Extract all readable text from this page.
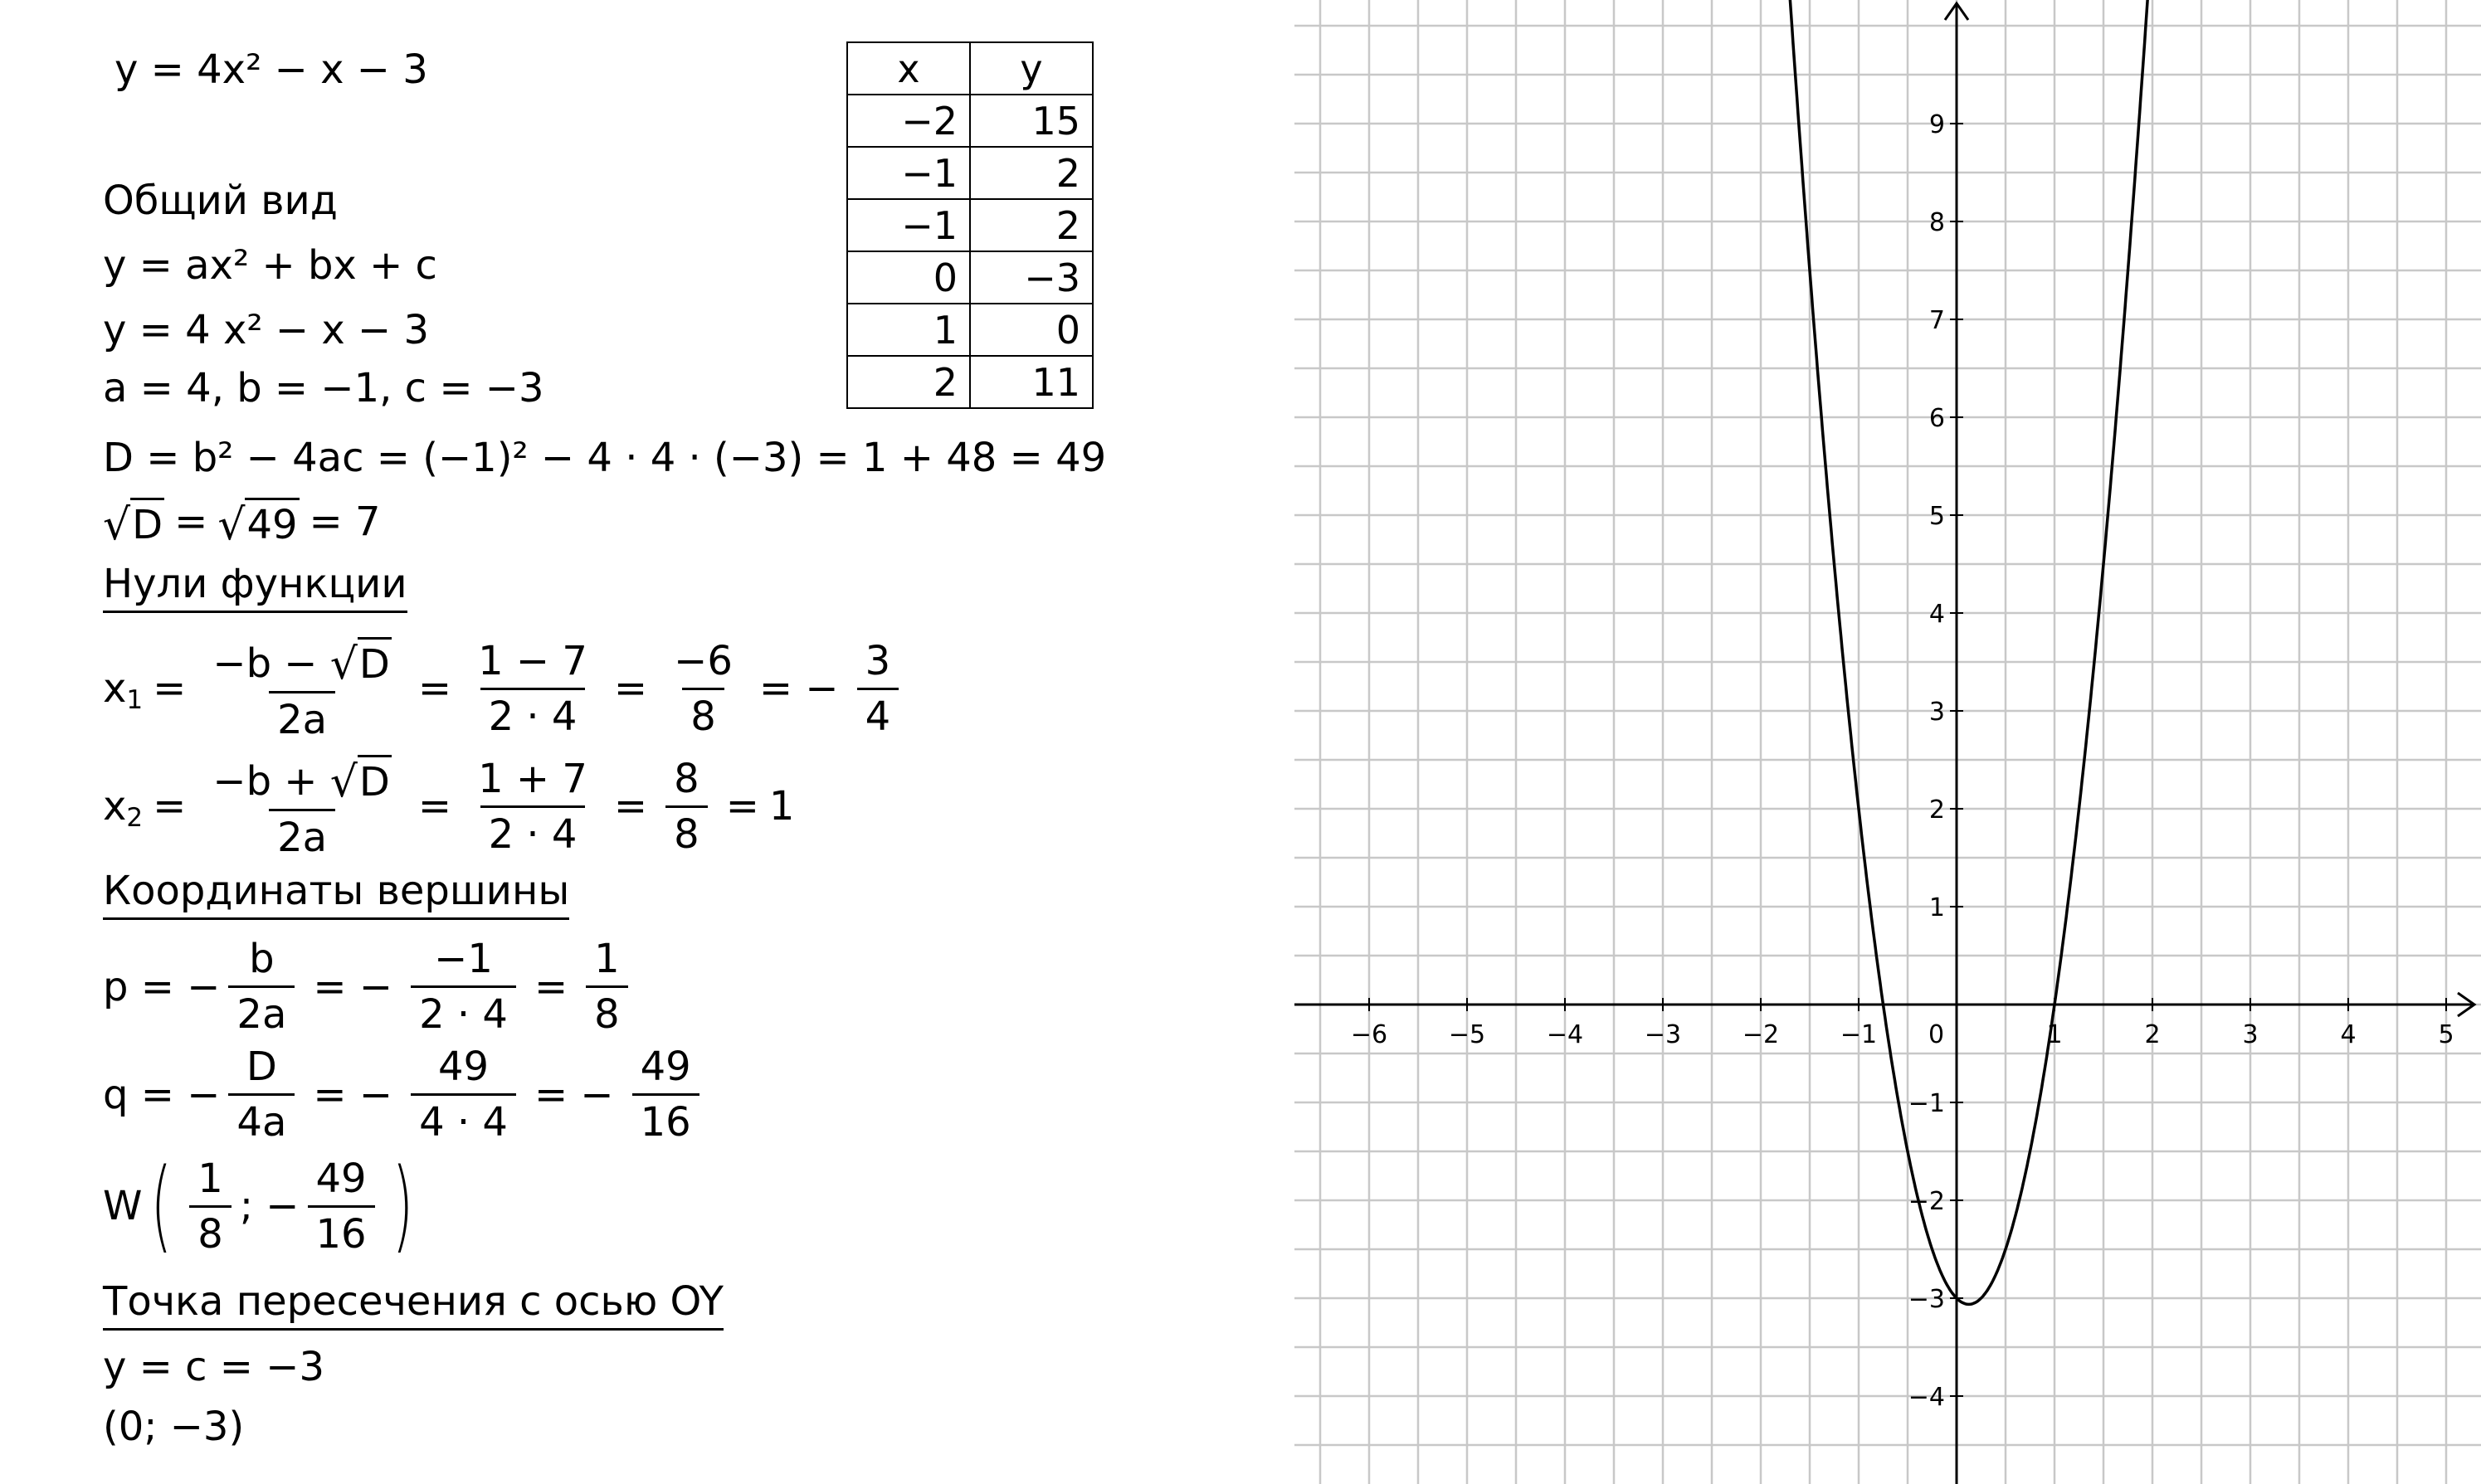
y = 4x² − x − 3
Общий вид
y = ax² + bx + c
y = 4 x² − x − 3
a = 4, b = −1, c = −3
D = b² − 4ac = (−1)² − 4 · 4 · (−3) = 1 + 48 = 49
√ D = √ 49 = 7
Нули функции
x $1 = \frac{-b - √ D}{2a} = \frac{1 - 7}{2 \cdot 4} = \frac{-6}{8}$ = − $\frac{3}{4}$
x $2 = \frac{-b + √ D}{2a} = \frac{1 + 7}{2 \cdot 4} = \frac{8}{8} = 1$
Координаты вершины
p = − $\frac{b}{2a}$ = − $\frac{-1}{2 \cdot 4} = \frac{1}{8}$
q = − $\frac{D}{4a}$ = − $\frac{49}{4 \cdot 4}$ = − $\frac{49}{16}$
W ( $\frac{1}{8}$ ; − $\frac{49}{16}$ )
Точка пересечения с осью OY
y = c = −3
(0; −3)
x	y
−2	15
−1	2
−1	2
0	−3
1	0
2	11
−6 −5 −4 −3 −2 −1 0	1	2	3	4	5
−4
−3
−2
−1
1
2
3
4
5
6
7
8
9
